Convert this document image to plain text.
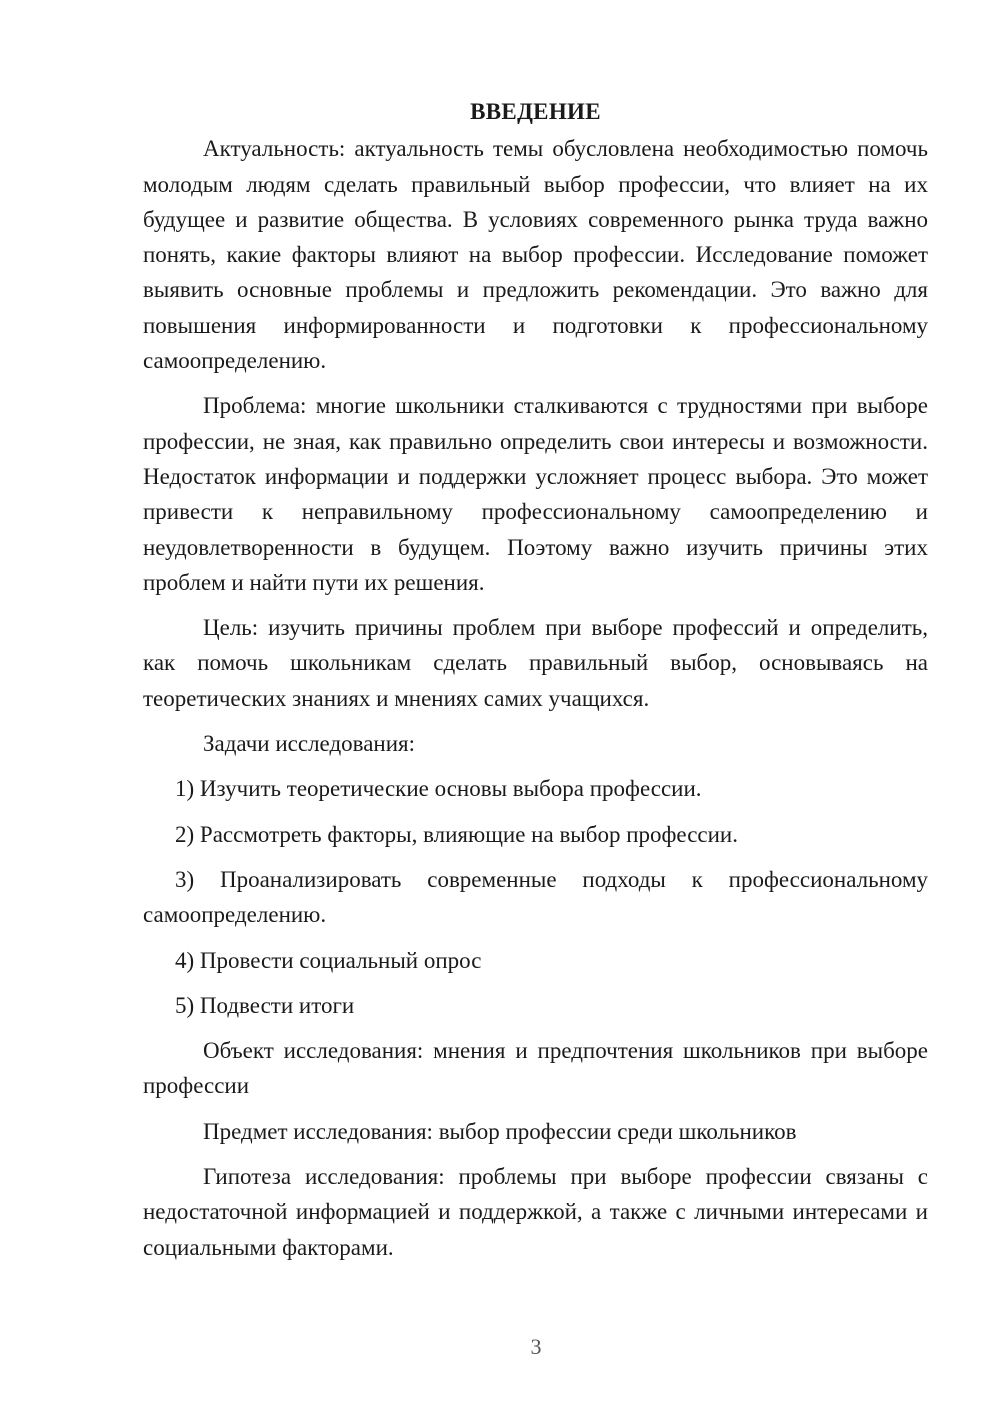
ВВЕДЕНИЕ

Актуальность: актуальность темы обусловлена необходимостью помочь молодым людям сделать правильный выбор профессии, что влияет на их будущее и развитие общества. В условиях современного рынка труда важно понять, какие факторы влияют на выбор профессии. Исследование поможет выявить основные проблемы и предложить рекомендации. Это важно для повышения информированности и подготовки к профессиональному самоопределению.

Проблема: многие школьники сталкиваются с трудностями при выборе профессии, не зная, как правильно определить свои интересы и возможности. Недостаток информации и поддержки усложняет процесс выбора. Это может привести к неправильному профессиональному самоопределению и неудовлетворенности в будущем. Поэтому важно изучить причины этих проблем и найти пути их решения.

Цель: изучить причины проблем при выборе профессий и определить, как помочь школьникам сделать правильный выбор, основываясь на теоретических знаниях и мнениях самих учащихся.

Задачи исследования:

1) Изучить теоретические основы выбора профессии.

2) Рассмотреть факторы, влияющие на выбор профессии.

3) Проанализировать современные подходы к профессиональному самоопределению.

4) Провести социальный опрос

5) Подвести итоги

Объект исследования: мнения и предпочтения школьников при выборе профессии

Предмет исследования: выбор профессии среди школьников

Гипотеза исследования: проблемы при выборе профессии связаны с недостаточной информацией и поддержкой, а также с личными интересами и социальными факторами.

3
